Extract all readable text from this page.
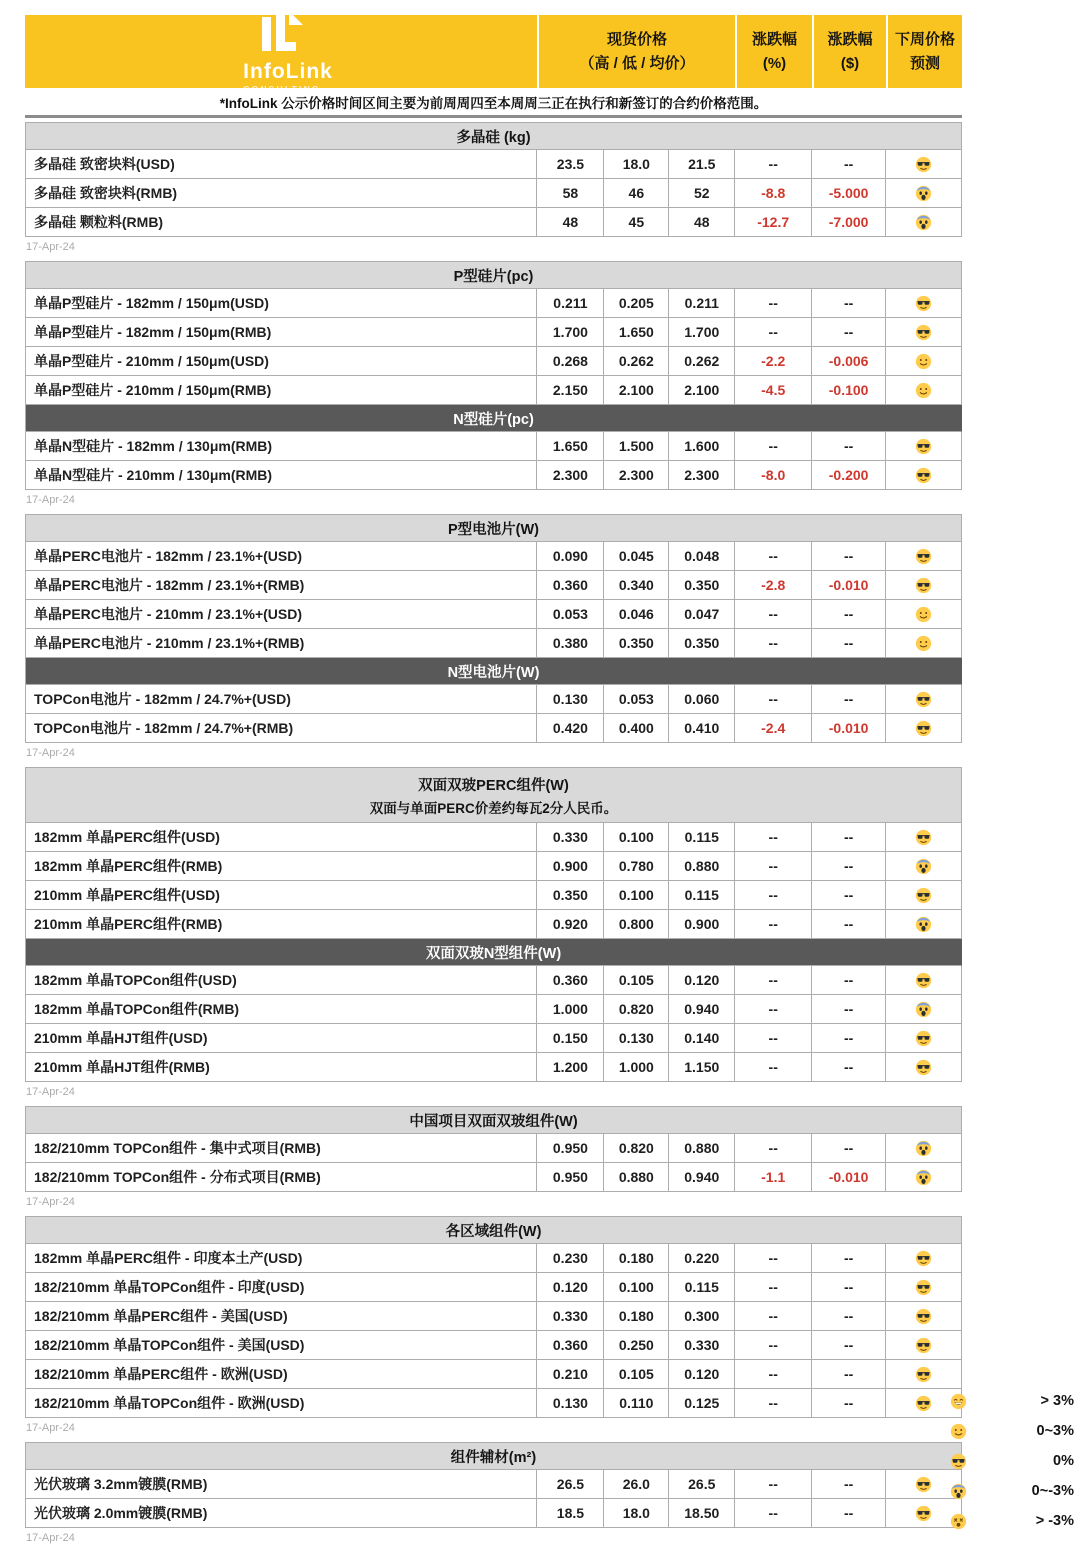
InfoLink
CONSULTING
现货价格
（高 / 低 / 均价）
涨跌幅
(%)
涨跌幅
($)
下周价格
预测
*InfoLink 公示价格时间区间主要为前周周四至本周周三正在执行和新签订的合约价格范围。
多晶硅 (kg)
多晶硅 致密块料(USD)	23.5	18.0	21.5	--	--
多晶硅 致密块料(RMB)	58	46	52	-8.8	-5.000
多晶硅 颗粒料(RMB)	48	45	48	-12.7	-7.000
17-Apr-24
P型硅片(pc)
单晶P型硅片 - 182mm / 150μm(USD)	0.211 0.205 0.211	--	--
单晶P型硅片 - 182mm / 150μm(RMB)	1.700 1.650 1.700	--	--
单晶P型硅片 - 210mm / 150μm(USD)	0.268 0.262 0.262	-2.2	-0.006
单晶P型硅片 - 210mm / 150μm(RMB)	2.150 2.100 2.100	-4.5	-0.100
N型硅片(pc)
单晶N型硅片 - 182mm / 130μm(RMB)	1.650 1.500 1.600	--	--
单晶N型硅片 - 210mm / 130μm(RMB)	2.300 2.300 2.300	-8.0	-0.200
17-Apr-24
P型电池片(W)
单晶PERC电池片 - 182mm / 23.1%+(USD)	0.090 0.045 0.048	--	--
单晶PERC电池片 - 182mm / 23.1%+(RMB)	0.360 0.340 0.350	-2.8	-0.010
单晶PERC电池片 - 210mm / 23.1%+(USD)	0.053 0.046 0.047	--	--
单晶PERC电池片 - 210mm / 23.1%+(RMB)	0.380 0.350 0.350	--	--
N型电池片(W)
TOPCon电池片 - 182mm / 24.7%+(USD)	0.130 0.053 0.060	--	--
TOPCon电池片 - 182mm / 24.7%+(RMB)	0.420 0.400 0.410	-2.4	-0.010
17-Apr-24
双面双玻PERC组件(W)
双面与单面PERC价差约每瓦2分人民币。
182mm 单晶PERC组件(USD)	0.330 0.100 0.115	--	--
182mm 单晶PERC组件(RMB)	0.900 0.780 0.880	--	--
210mm 单晶PERC组件(USD)	0.350 0.100 0.115	--	--
210mm 单晶PERC组件(RMB)	0.920 0.800 0.900	--	--
双面双玻N型组件(W)
182mm 单晶TOPCon组件(USD)	0.360 0.105 0.120	--	--
182mm 单晶TOPCon组件(RMB)	1.000 0.820 0.940	--	--
210mm 单晶HJT组件(USD)	0.150 0.130 0.140	--	--
210mm 单晶HJT组件(RMB)	1.200 1.000 1.150	--	--
17-Apr-24
中国项目双面双玻组件(W)
182/210mm TOPCon组件 - 集中式项目(RMB)	0.950 0.820 0.880	--	--
182/210mm TOPCon组件 - 分布式项目(RMB)	0.950 0.880 0.940	-1.1	-0.010
17-Apr-24
各区域组件(W)
182mm 单晶PERC组件 - 印度本土产(USD)	0.230 0.180 0.220	--	--
182/210mm 单晶TOPCon组件 - 印度(USD)	0.120 0.100 0.115	--	--
182/210mm 单晶PERC组件 - 美国(USD)	0.330 0.180 0.300	--	--
182/210mm 单晶TOPCon组件 - 美国(USD)	0.360 0.250 0.330	--	--
182/210mm 单晶PERC组件 - 欧洲(USD)	0.210 0.105 0.120	--	--
182/210mm 单晶TOPCon组件 - 欧洲(USD)	0.130 0.110 0.125	--	--
17-Apr-24
组件辅材(m²)
光伏玻璃 3.2mm镀膜(RMB)	26.5	26.0	26.5	--	--
光伏玻璃 2.0mm镀膜(RMB)	18.5	18.0 18.50	--	--
17-Apr-24
> 3%
0~3%
0%
0~-3%
> -3%
